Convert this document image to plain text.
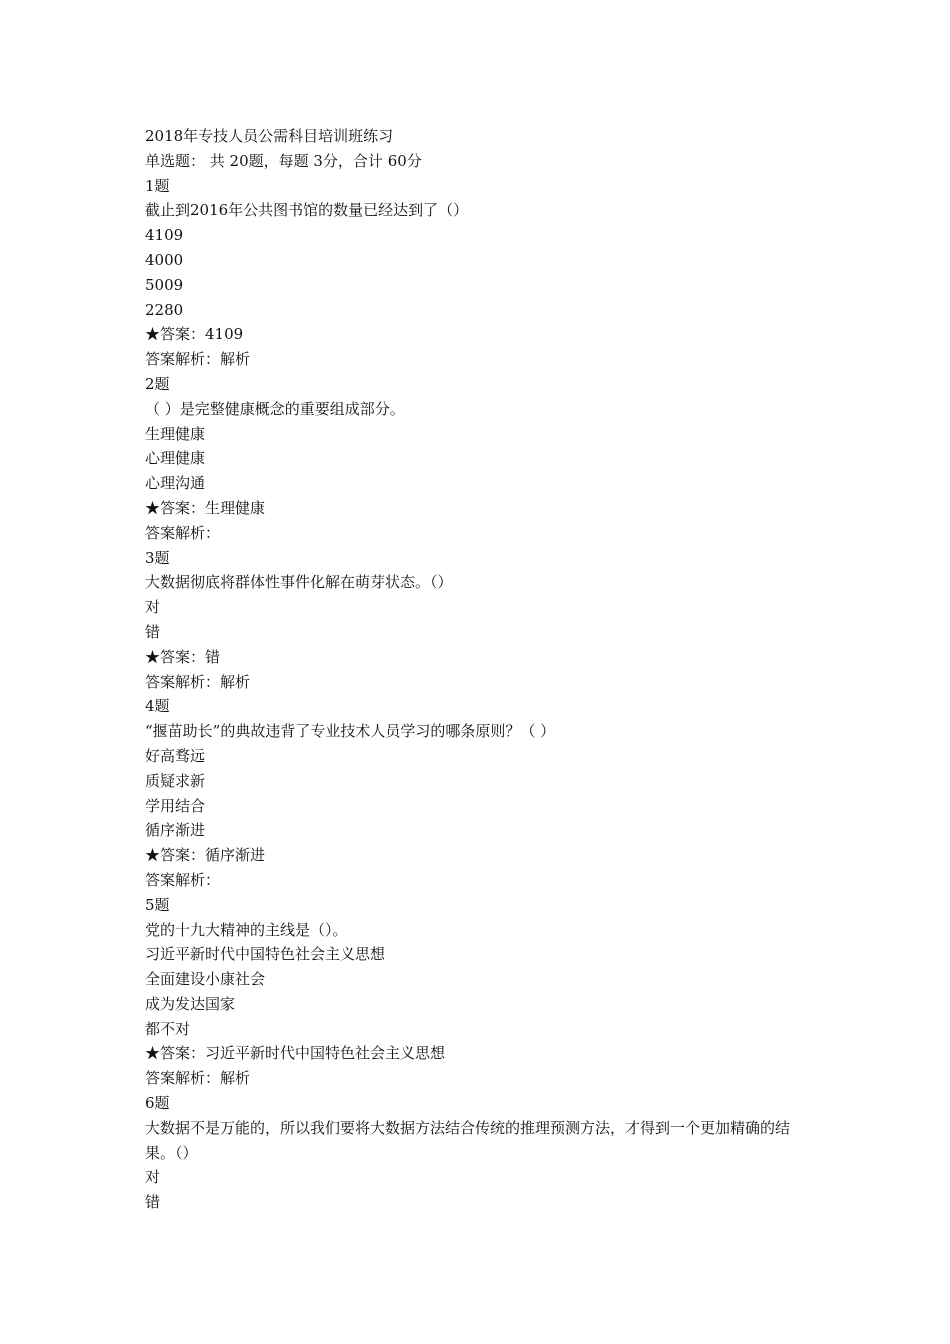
2018年专技人员公需科目培训班练习
单选题： 共 20题，每题 3分，合计 60分
1题
截止到2016年公共图书馆的数量已经达到了（）
4109
4000
5009
2280
★答案：4109
答案解析：解析
2题
（ ）是完整健康概念的重要组成部分。
生理健康
心理健康
心理沟通
★答案：生理健康
答案解析：
3题
大数据彻底将群体性事件化解在萌芽状态。（）
对
错
★答案：错
答案解析：解析
4题
“揠苗助长”的典故违背了专业技术人员学习的哪条原则？（ ）
好高骛远
质疑求新
学用结合
循序渐进
★答案：循序渐进
答案解析：
5题
党的十九大精神的主线是（）。
习近平新时代中国特色社会主义思想
全面建设小康社会
成为发达国家
都不对
★答案：习近平新时代中国特色社会主义思想
答案解析：解析
6题
大数据不是万能的，所以我们要将大数据方法结合传统的推理预测方法，才得到一个更加精确的结果。（）
对
错
